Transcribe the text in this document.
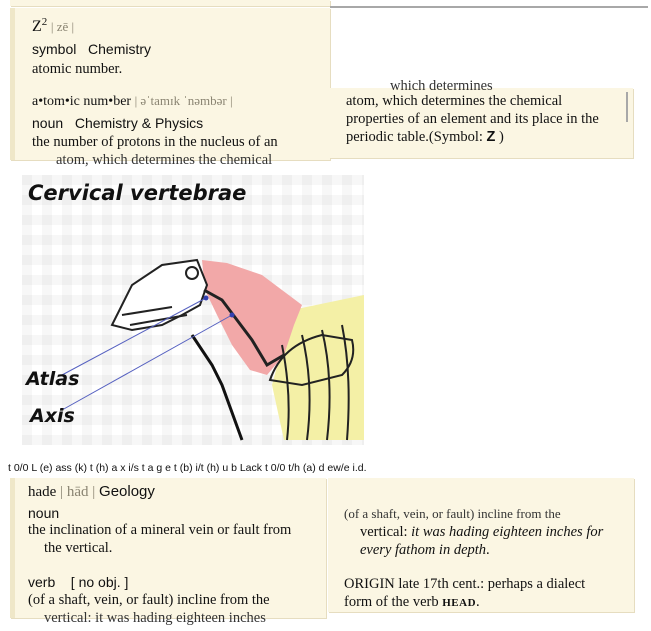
$Z^2$ | zē |
symbol Chemistry
atomic number.
a•tom•ic num•ber | əˈtamɪk ˈnəmbər |
noun Chemistry & Physics
the number of protons in the nucleus of an
atom, which determines the chemical
which determines
atom, which determines the chemical
properties of an element and its place in the
periodic table.(Symbol: Z )
Cervical vertebrae
Atlas
Axis
t 0/0 L (e) ass (k) t (h) a x i/s t a g e t (b) i/t (h) u b Lack t 0/0 t/h (a) d ew/e i.d.
hade | hād | Geology
noun
the inclination of a mineral vein or fault from
the vertical.
verb [ no obj. ]
(of a shaft, vein, or fault) incline from the
vertical: it was hading eighteen inches
(of a shaft, vein, or fault) incline from the
vertical: it was hading eighteen inches for
every fathom in depth.
ORIGIN late 17th cent.: perhaps a dialect
form of the verb HEAD.
